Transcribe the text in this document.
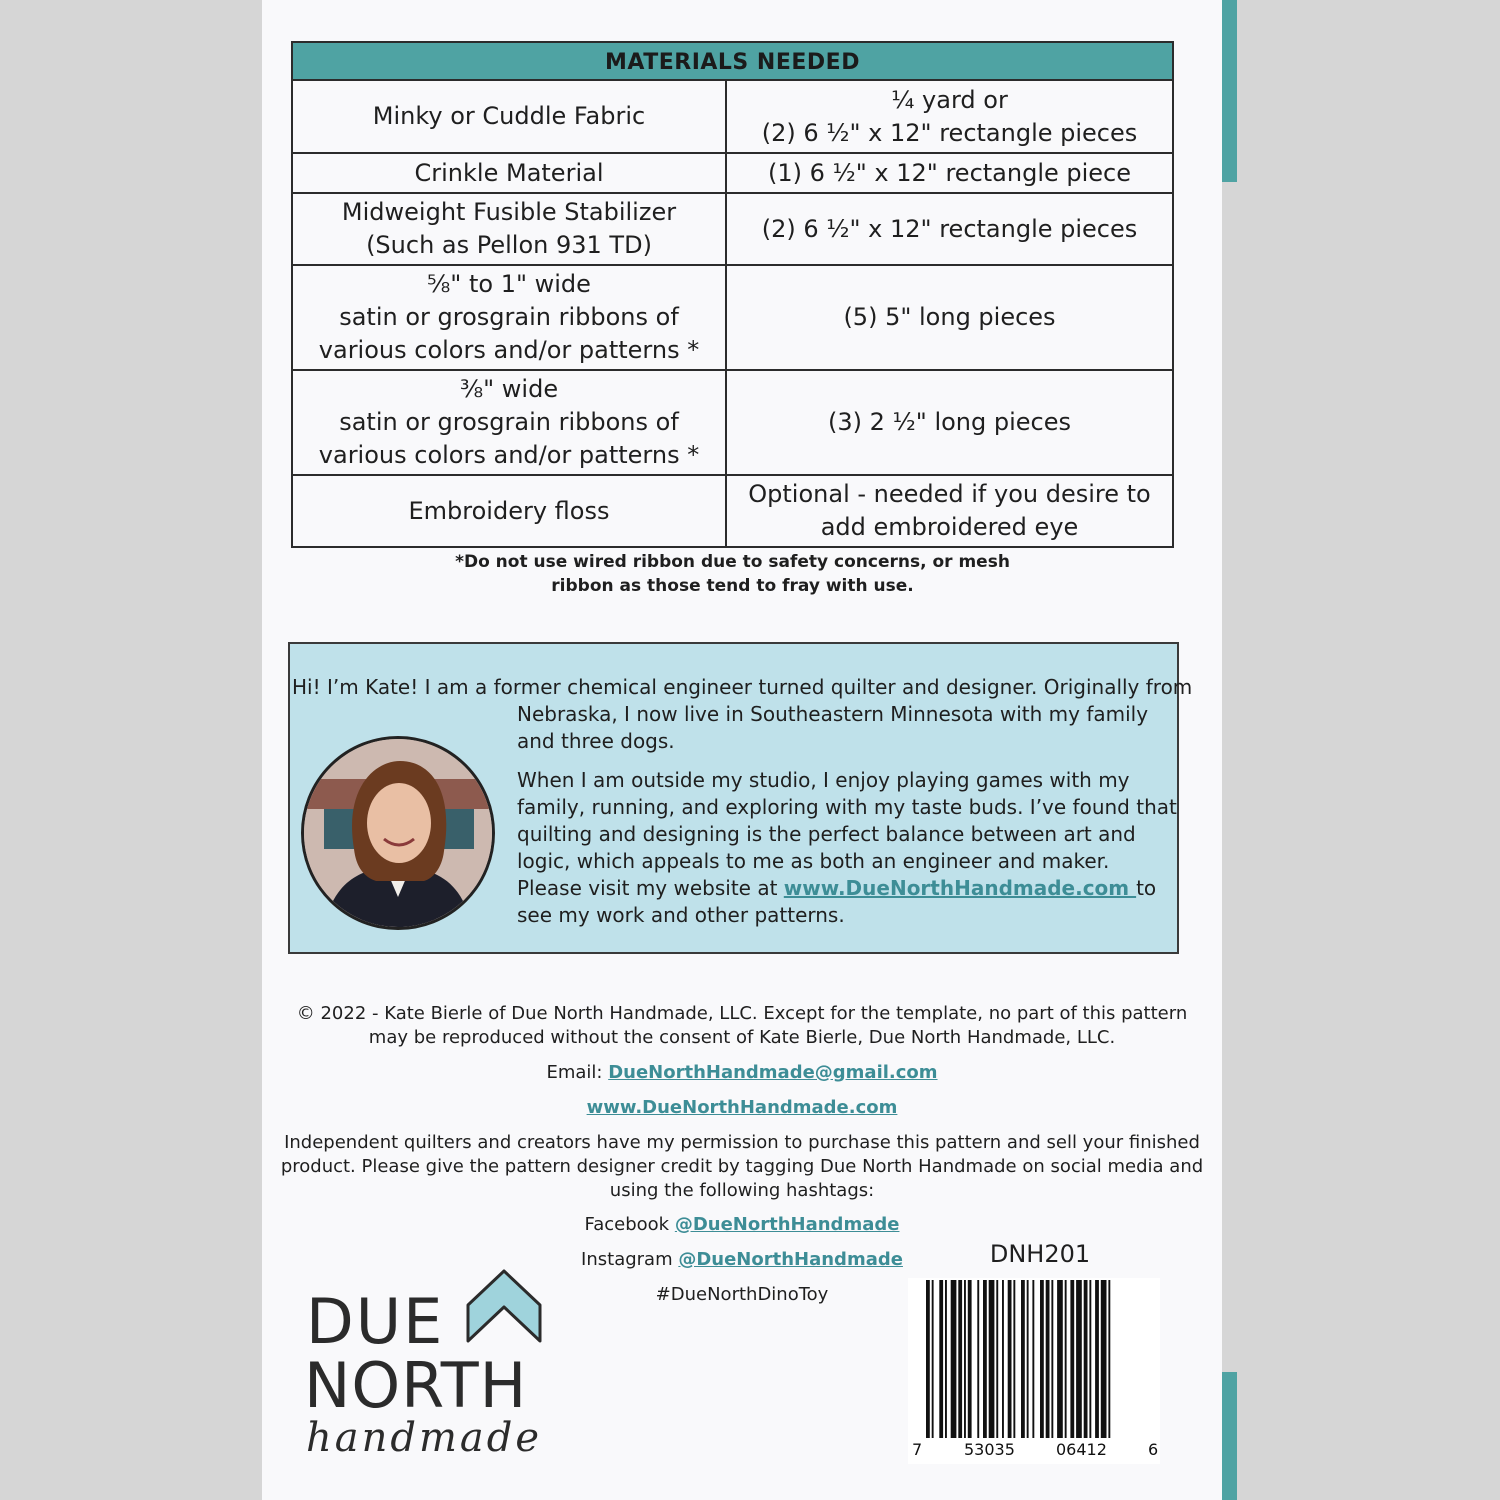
MATERIALS NEEDED
Minky or Cuddle Fabric	¼ yard or
(2) 6 ½" x 12" rectangle pieces
Crinkle Material	(1) 6 ½" x 12" rectangle piece
Midweight Fusible Stabilizer
(Such as Pellon 931 TD)	(2) 6 ½" x 12" rectangle pieces
⅝" to 1" wide
satin or grosgrain ribbons of
various colors and/or patterns *	(5) 5" long pieces
⅜" wide
satin or grosgrain ribbons of
various colors and/or patterns *	(3) 2 ½" long pieces
Embroidery floss	Optional - needed if you desire to
add embroidered eye
*Do not use wired ribbon due to safety concerns, or mesh
ribbon as those tend to fray with use.
Hi! I’m Kate! I am a former chemical engineer turned quilter and designer. Originally from
Nebraska, I now live in Southeastern Minnesota with my family and three dogs.
When I am outside my studio, I enjoy playing games with my family, running, and exploring with my taste buds. I’ve found that quilting and designing is the perfect balance between art and logic, which appeals to me as both an engineer and maker. Please visit my website at www.DueNorthHandmade.com to see my work and other patterns.
© 2022 - Kate Bierle of Due North Handmade, LLC. Except for the template, no part of this pattern
may be reproduced without the consent of Kate Bierle, Due North Handmade, LLC.
Email: DueNorthHandmade@gmail.com
www.DueNorthHandmade.com
Independent quilters and creators have my permission to purchase this pattern and sell your finished
product. Please give the pattern designer credit by tagging Due North Handmade on social media and
using the following hashtags:
Facebook @DueNorthHandmade
Instagram @DueNorthHandmade
#DueNorthDinoToy
DNH201
7	53035	06412	6
DUE
NORTH
handmade
